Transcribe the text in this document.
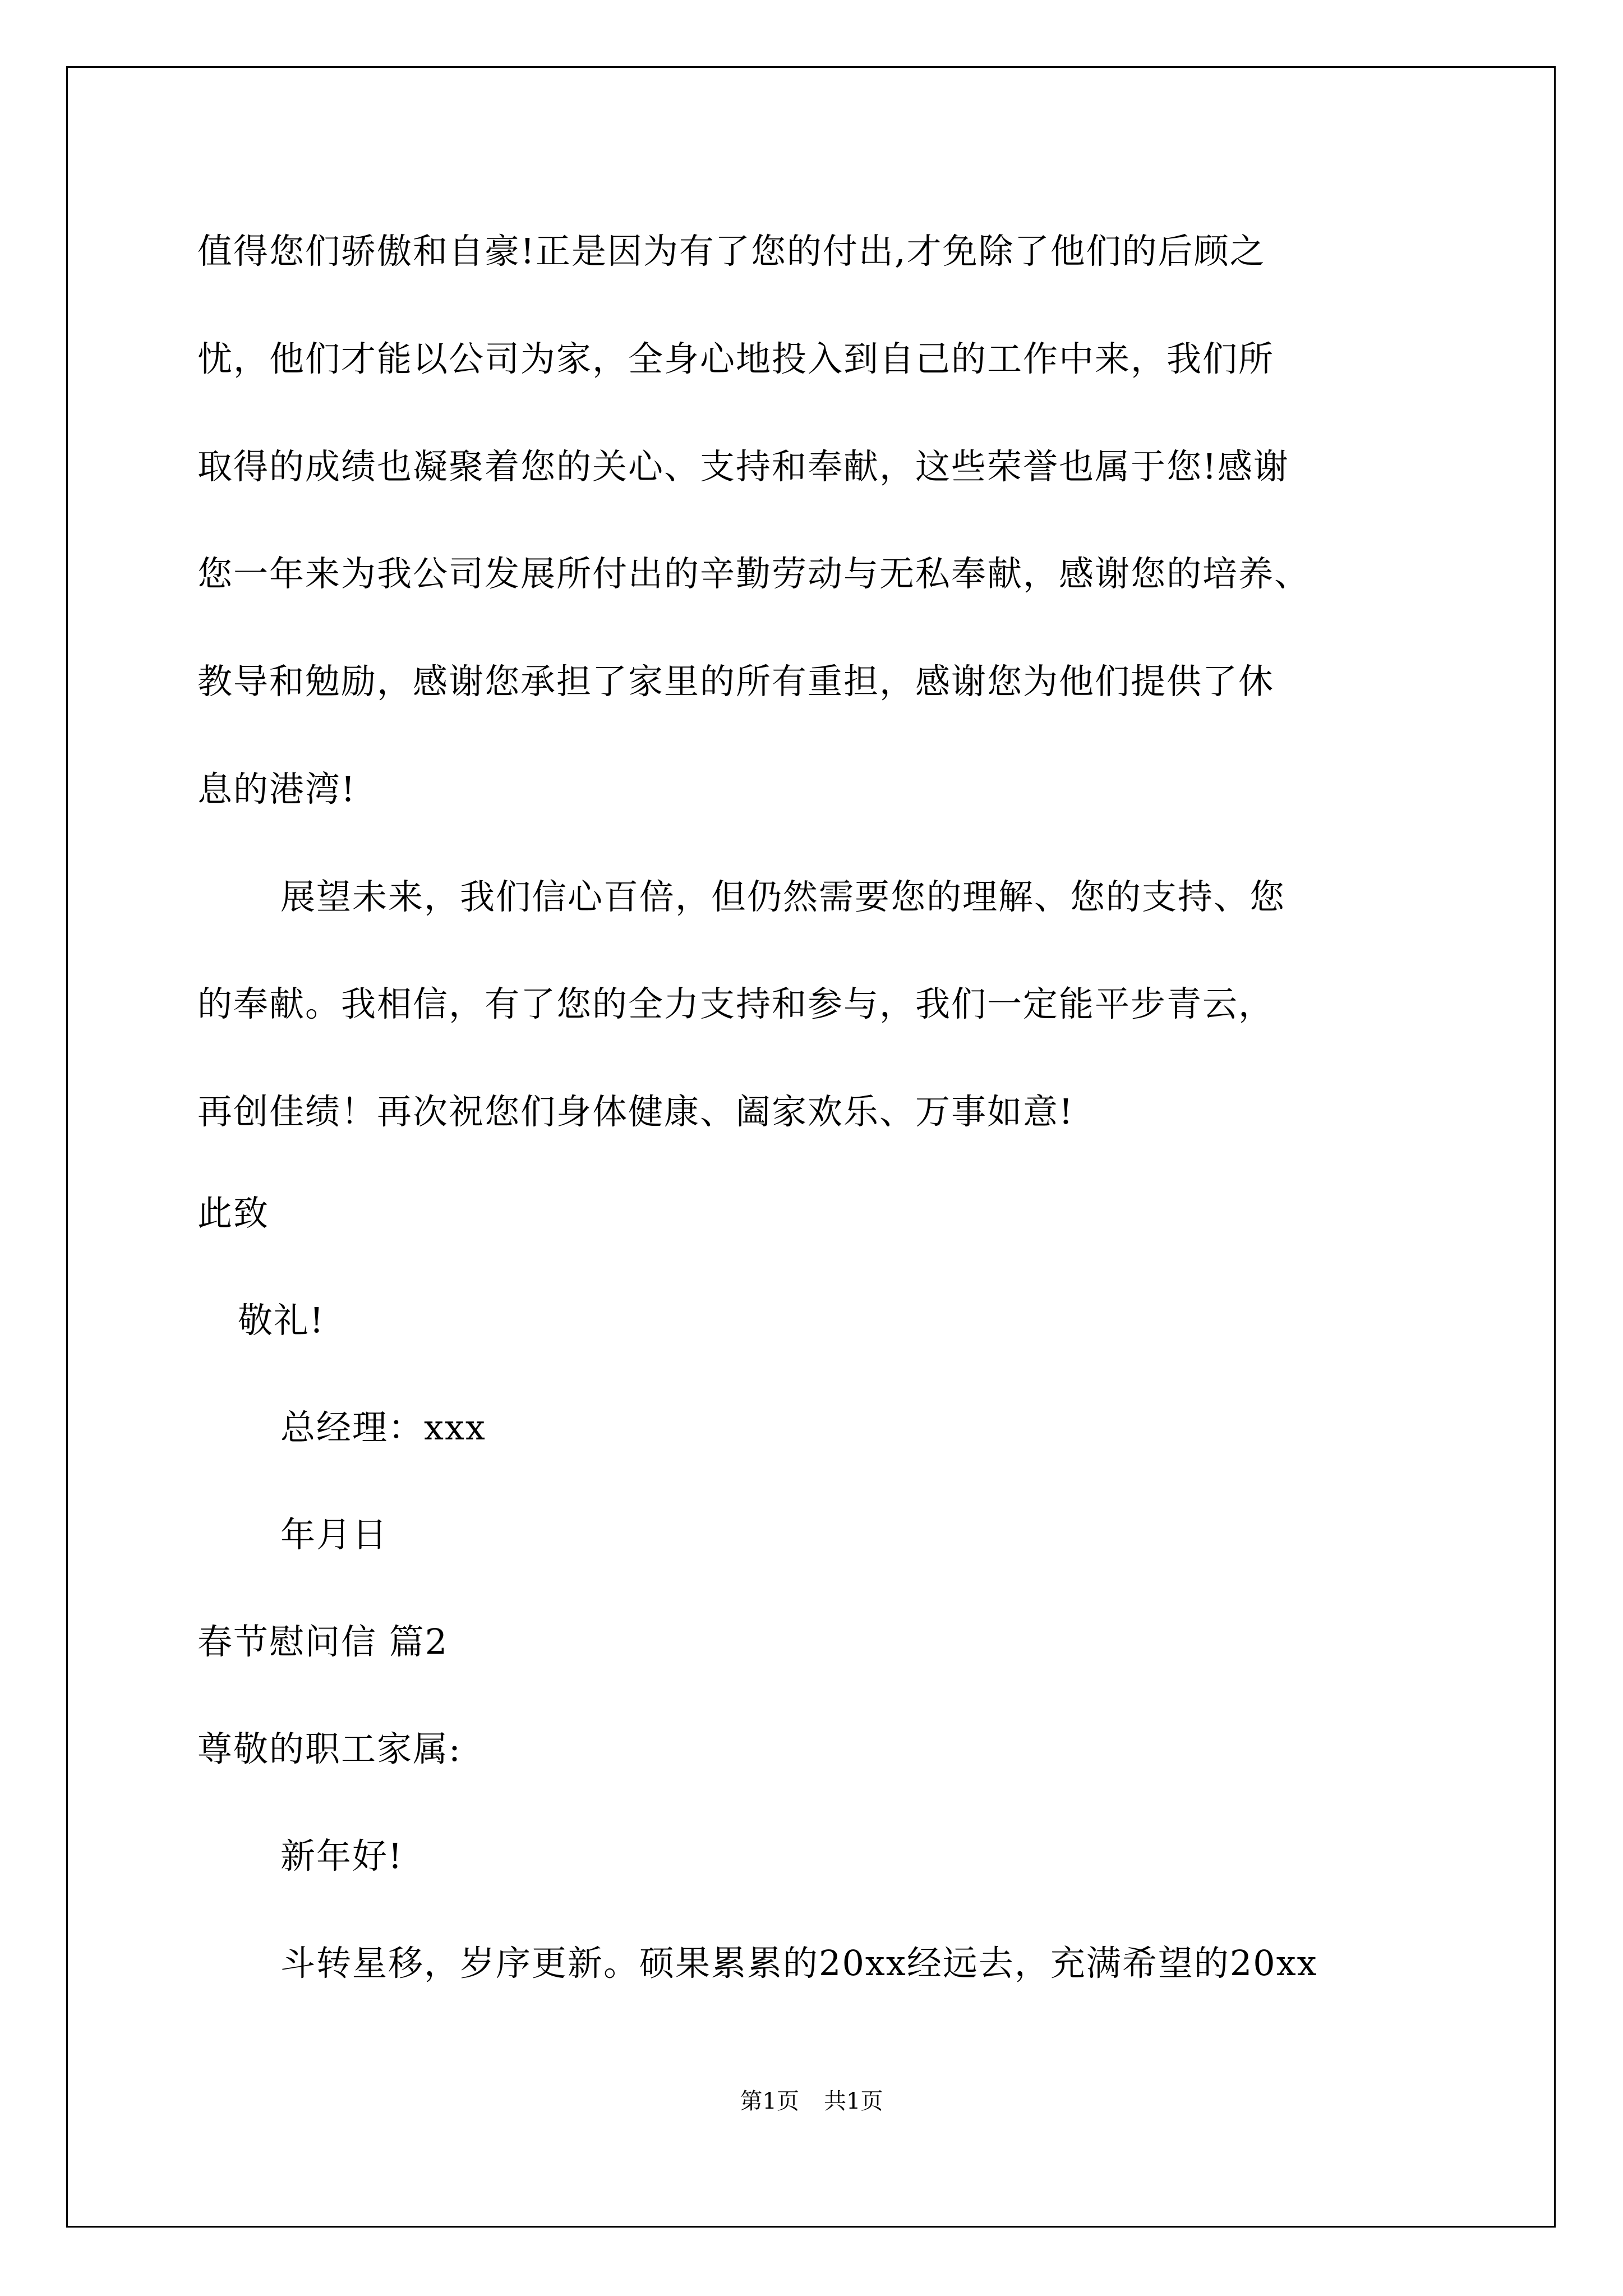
值得您们骄傲和自豪!正是因为有了您的付出,才免除了他们的后顾之
忧，他们才能以公司为家，全身心地投入到自己的工作中来，我们所
取得的成绩也凝聚着您的关心、支持和奉献，这些荣誉也属于您!感谢
您一年来为我公司发展所付出的辛勤劳动与无私奉献，感谢您的培养、
教导和勉励，感谢您承担了家里的所有重担，感谢您为他们提供了休
息的港湾!
展望未来，我们信心百倍，但仍然需要您的理解、您的支持、您
的奉献。我相信，有了您的全力支持和参与，我们一定能平步青云，
再创佳绩！再次祝您们身体健康、阖家欢乐、万事如意!
此致
敬礼!
总经理：xxx
年月日
春节慰问信 篇2
尊敬的职工家属:
新年好!
斗转星移，岁序更新。硕果累累的20xx经远去，充满希望的20xx
第1页 共1页
